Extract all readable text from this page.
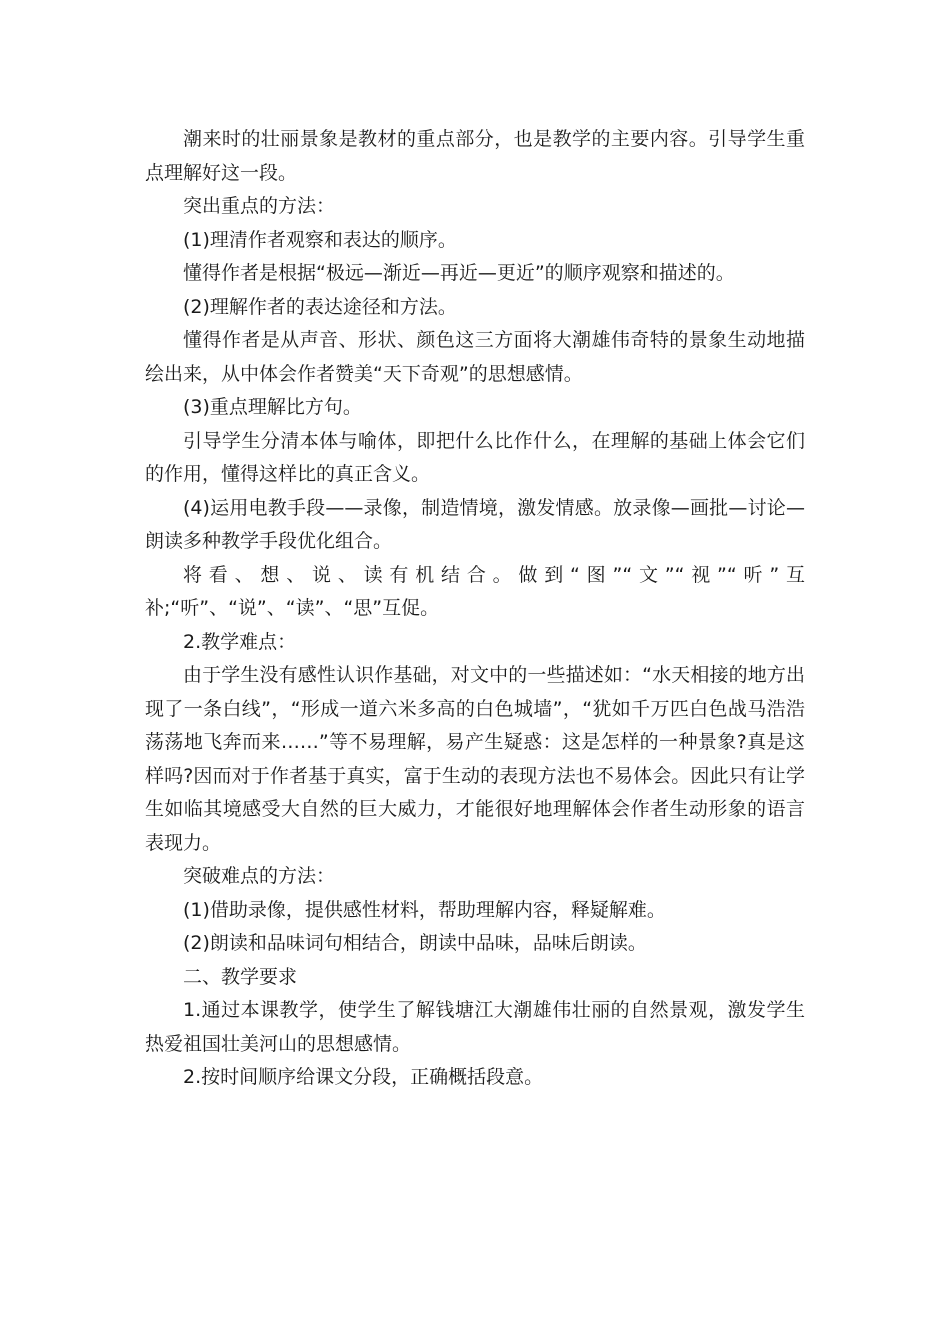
潮来时的壮丽景象是教材的重点部分，也是教学的主要内容。引导学生重点理解好这一段。

突出重点的方法：

(1)理清作者观察和表达的顺序。

懂得作者是根据“极远—渐近—再近—更近”的顺序观察和描述的。

(2)理解作者的表达途径和方法。

懂得作者是从声音、形状、颜色这三方面将大潮雄伟奇特的景象生动地描绘出来，从中体会作者赞美“天下奇观”的思想感情。

(3)重点理解比方句。

引导学生分清本体与喻体，即把什么比作什么，在理解的基础上体会它们的作用，懂得这样比的真正含义。

(4)运用电教手段——录像，制造情境，激发情感。放录像—画批—讨论—朗读多种教学手段优化组合。

将看、想、说、读有机结合。做到“图”“文”“视”“听”互补;“听”、“说”、“读”、“思”互促。

2.教学难点：

由于学生没有感性认识作基础，对文中的一些描述如：“水天相接的地方出现了一条白线”，“形成一道六米多高的白色城墙”，“犹如千万匹白色战马浩浩荡荡地飞奔而来……”等不易理解，易产生疑惑：这是怎样的一种景象?真是这样吗?因而对于作者基于真实，富于生动的表现方法也不易体会。因此只有让学生如临其境感受大自然的巨大威力，才能很好地理解体会作者生动形象的语言表现力。

突破难点的方法：

(1)借助录像，提供感性材料，帮助理解内容，释疑解难。

(2)朗读和品味词句相结合，朗读中品味，品味后朗读。

二、教学要求

1.通过本课教学，使学生了解钱塘江大潮雄伟壮丽的自然景观，激发学生热爱祖国壮美河山的思想感情。

2.按时间顺序给课文分段，正确概括段意。
